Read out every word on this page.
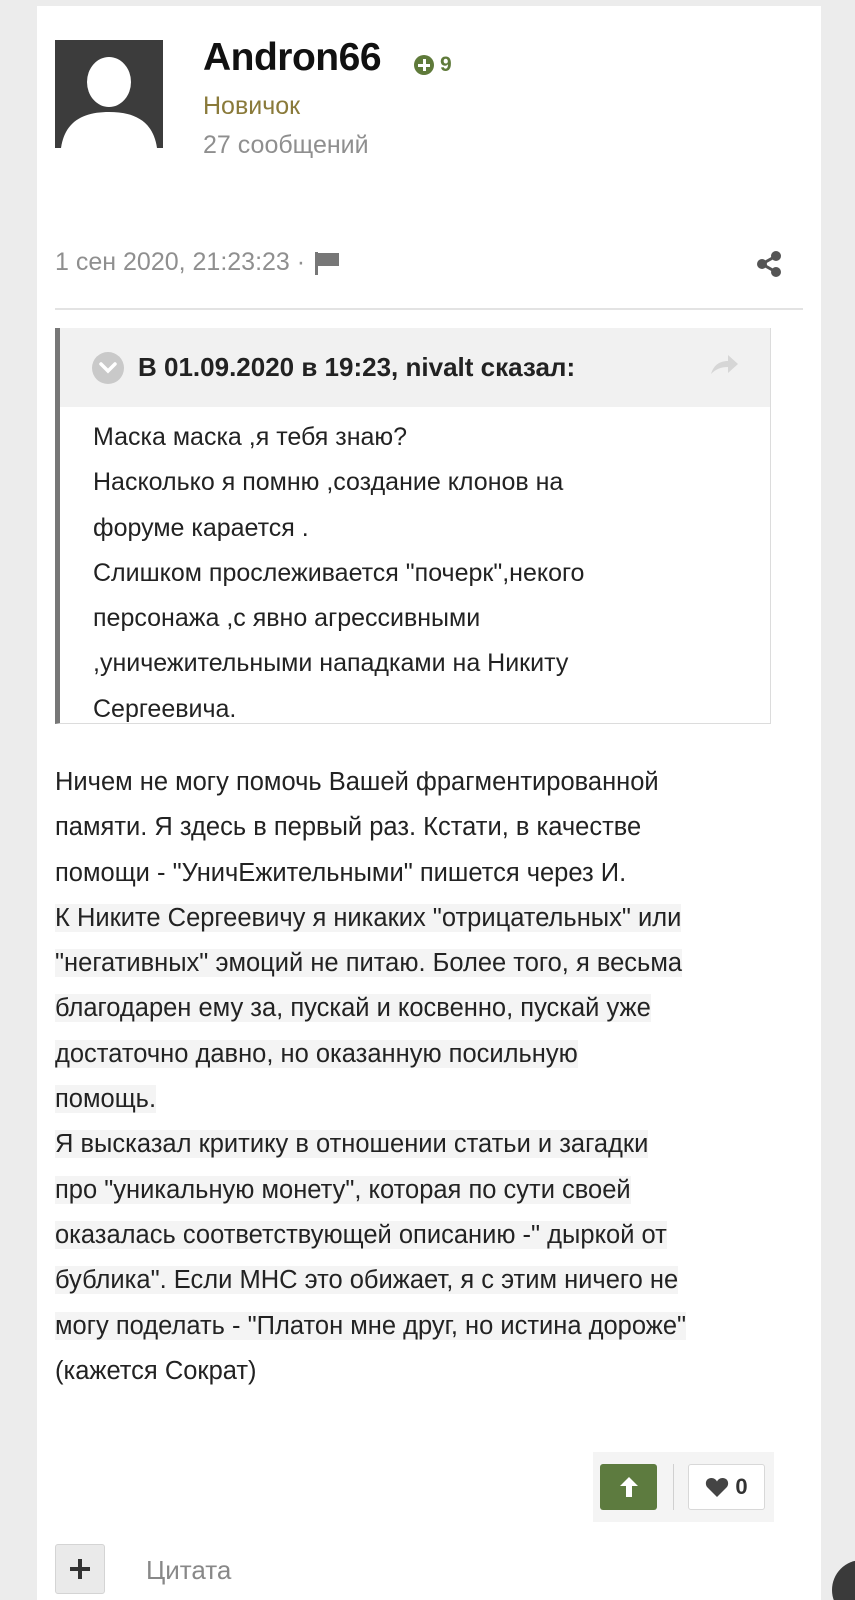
Andron66	9
Новичок
27 сообщений
1 сен 2020, 21:23:23 ·
В 01.09.2020 в 19:23, nivalt сказал:

Маска маска ,я тебя знаю?

Насколько я помню ,создание клонов на

форуме карается .

Слишком прослеживается "почерк",некого

персонажа ,с явно агрессивными

,уничежительными нападками на Никиту

Сергеевича.

Ничем не могу помочь Вашей фрагментированной

памяти. Я здесь в первый раз. Кстати, в качестве

помощи - "УничЕжительными" пишется через И.

К Никите Сергеевичу я никаких "отрицательных" или

"негативных" эмоций не питаю. Более того, я весьма

благодарен ему за, пускай и косвенно, пускай уже

достаточно давно, но оказанную посильную

помощь.

Я высказал критику в отношении статьи и загадки

про "уникальную монету", которая по сути своей

оказалась соответствующей описанию -" дыркой от

бублика". Если МНС это обижает, я с этим ничего не

могу поделать - "Платон мне друг, но истина дороже"

(кажется Сократ)

0
Цитата
